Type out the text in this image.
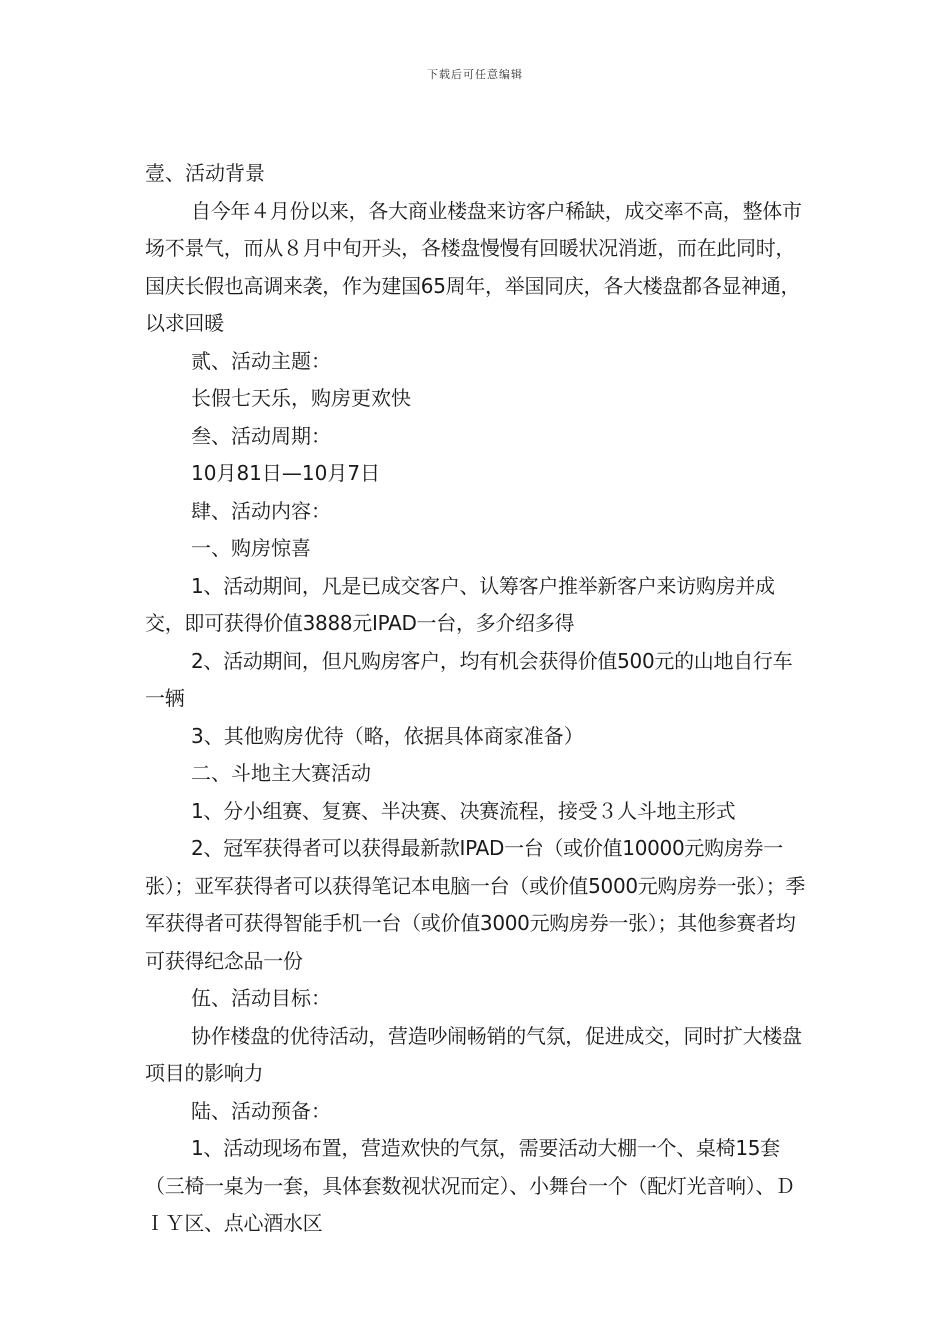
下载后可任意编辑

壹、活动背景

自今年４月份以来，各大商业楼盘来访客户稀缺，成交率不高，整体市场不景气，而从８月中旬开头，各楼盘慢慢有回暖状况消逝，而在此同时，国庆长假也高调来袭，作为建国65周年，举国同庆，各大楼盘都各显神通，以求回暖

贰、活动主题：

长假七天乐，购房更欢快

叁、活动周期：

10月81日—10月7日

肆、活动内容：

一、购房惊喜

1、活动期间，凡是已成交客户、认筹客户推举新客户来访购房并成交，即可获得价值3888元IPAD一台，多介绍多得

2、活动期间，但凡购房客户，均有机会获得价值500元的山地自行车一辆

3、其他购房优待（略，依据具体商家准备）

二、斗地主大赛活动

1、分小组赛、复赛、半决赛、决赛流程，接受３人斗地主形式

2、冠军获得者可以获得最新款IPAD一台（或价值10000元购房券一张）；亚军获得者可以获得笔记本电脑一台（或价值5000元购房券一张）；季军获得者可获得智能手机一台（或价值3000元购房券一张）；其他参赛者均可获得纪念品一份

伍、活动目标：

协作楼盘的优待活动，营造吵闹畅销的气氛，促进成交，同时扩大楼盘项目的影响力

陆、活动预备：

1、活动现场布置，营造欢快的气氛，需要活动大棚一个、桌椅15套（三椅一桌为一套，具体套数视状况而定）、小舞台一个（配灯光音响）、ＤＩＹ区、点心酒水区
